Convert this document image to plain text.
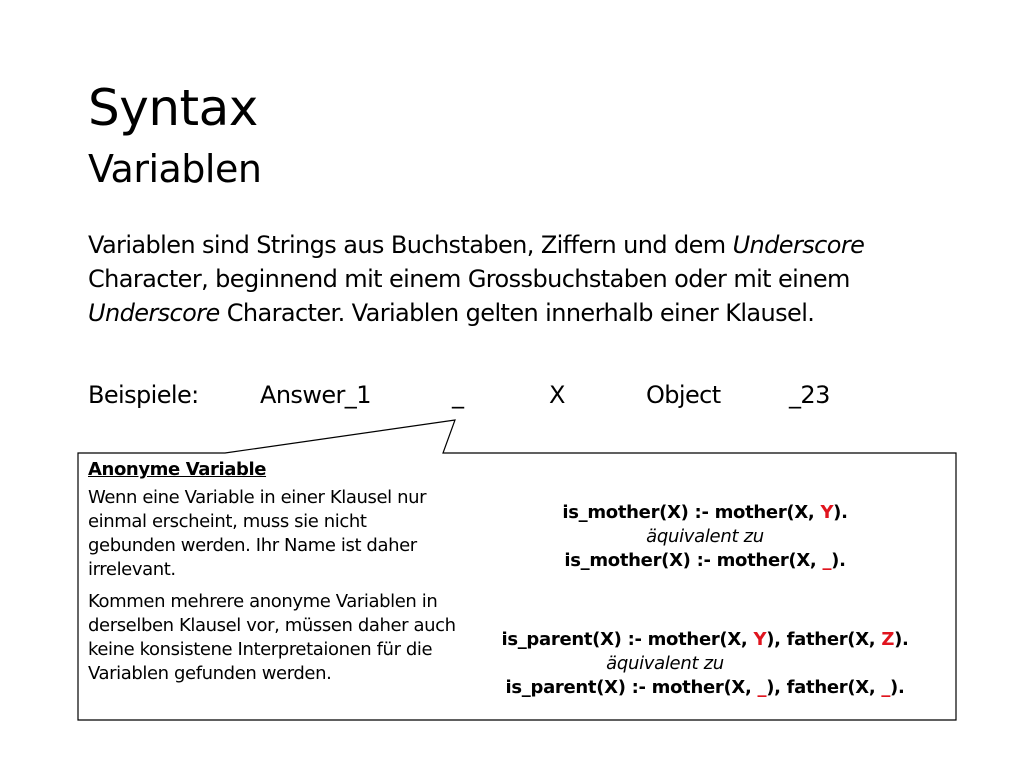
Syntax
Variablen
Variablen sind Strings aus Buchstaben, Ziffern und dem Underscore Character, beginnend mit einem Grossbuchstaben oder mit einem Underscore Character. Variablen gelten innerhalb einer Klausel.
Beispiele:	Answer_1	_	X	Object	_23
Anonyme Variable
Wenn eine Variable in einer Klausel nur einmal erscheint, muss sie nicht gebunden werden. Ihr Name ist daher irrelevant.
Kommen mehrere anonyme Variablen in derselben Klausel vor, müssen daher auch keine konsistene Interpretaionen für die Variablen gefunden werden.
is_mother(X) :- mother(X, Y).
äquivalent zu
is_mother(X) :- mother(X, _).
is_parent(X) :- mother(X, Y), father(X, Z).
äquivalent zu
is_parent(X) :- mother(X, _), father(X, _).
